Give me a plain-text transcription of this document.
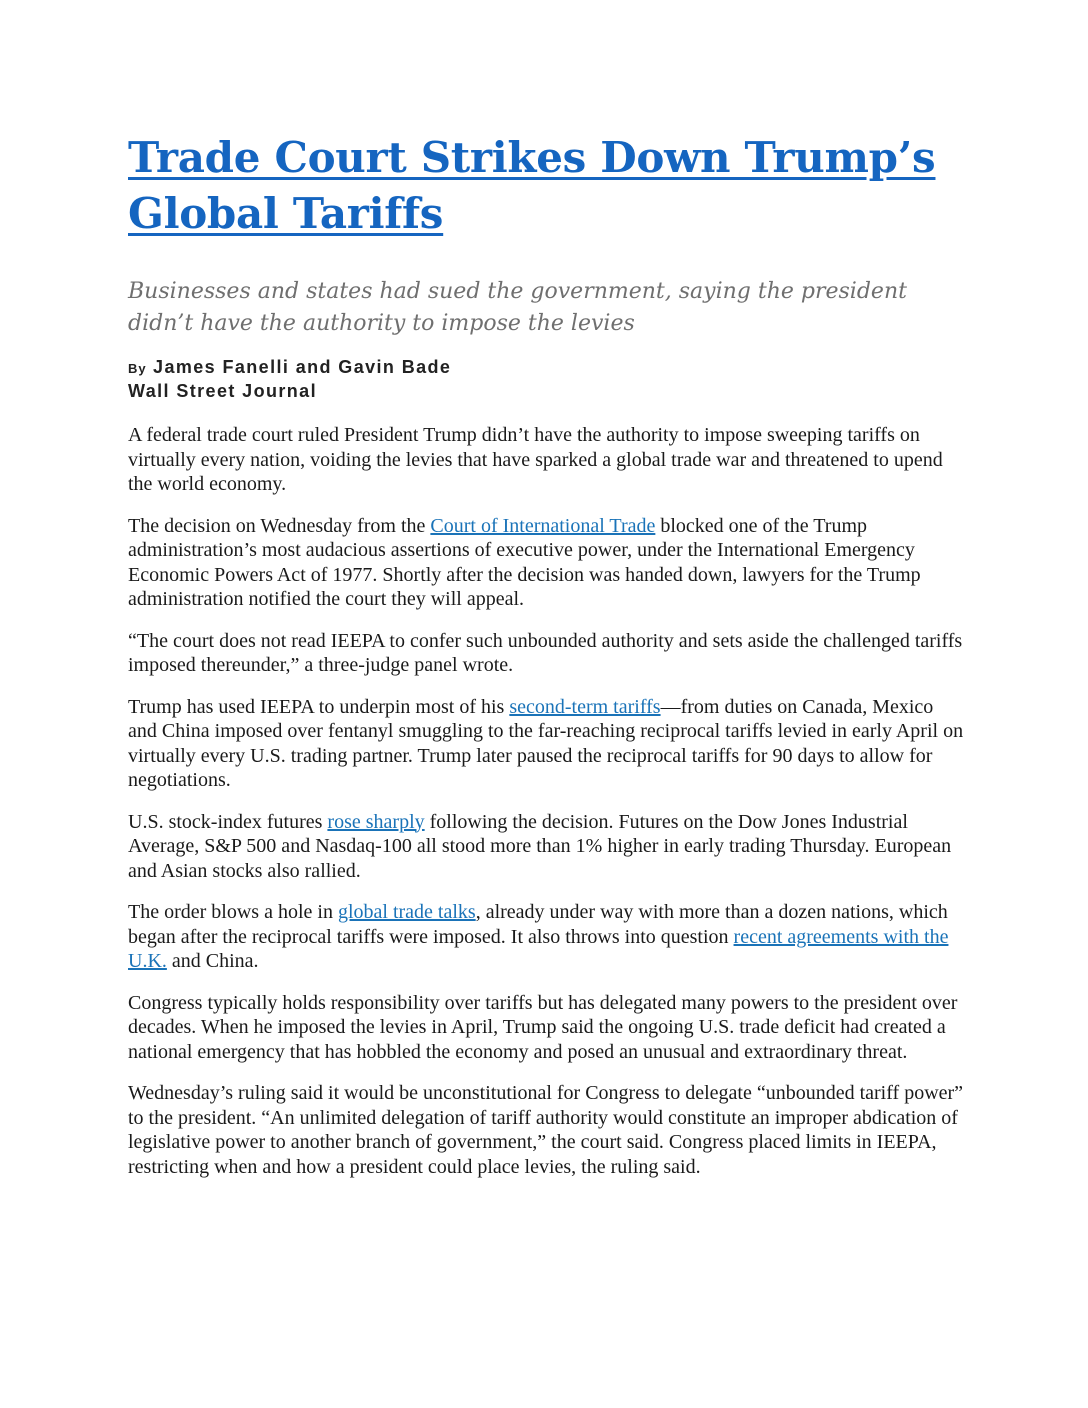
Trade Court Strikes Down Trump’s Global Tariffs
Businesses and states had sued the government, saying the president didn’t have the authority to impose the levies
By James Fanelli and Gavin Bade
Wall Street Journal

A federal trade court ruled President Trump didn’t have the authority to impose sweeping tariffs on virtually every nation, voiding the levies that have sparked a global trade war and threatened to upend the world economy.

The decision on Wednesday from the Court of International Trade blocked one of the Trump administration’s most audacious assertions of executive power, under the International Emergency Economic Powers Act of 1977. Shortly after the decision was handed down, lawyers for the Trump administration notified the court they will appeal.

“The court does not read IEEPA to confer such unbounded authority and sets aside the challenged tariffs imposed thereunder,” a three-judge panel wrote.

Trump has used IEEPA to underpin most of his second-term tariffs—from duties on Canada, Mexico and China imposed over fentanyl smuggling to the far-reaching reciprocal tariffs levied in early April on virtually every U.S. trading partner. Trump later paused the reciprocal tariffs for 90 days to allow for negotiations.

U.S. stock-index futures rose sharply following the decision. Futures on the Dow Jones Industrial Average, S&P 500 and Nasdaq-100 all stood more than 1% higher in early trading Thursday. European and Asian stocks also rallied.

The order blows a hole in global trade talks, already under way with more than a dozen nations, which began after the reciprocal tariffs were imposed. It also throws into question recent agreements with the U.K. and China.

Congress typically holds responsibility over tariffs but has delegated many powers to the president over decades. When he imposed the levies in April, Trump said the ongoing U.S. trade deficit had created a national emergency that has hobbled the economy and posed an unusual and extraordinary threat.

Wednesday’s ruling said it would be unconstitutional for Congress to delegate “unbounded tariff power” to the president. “An unlimited delegation of tariff authority would constitute an improper abdication of legislative power to another branch of government,” the court said. Congress placed limits in IEEPA, restricting when and how a president could place levies, the ruling said.
